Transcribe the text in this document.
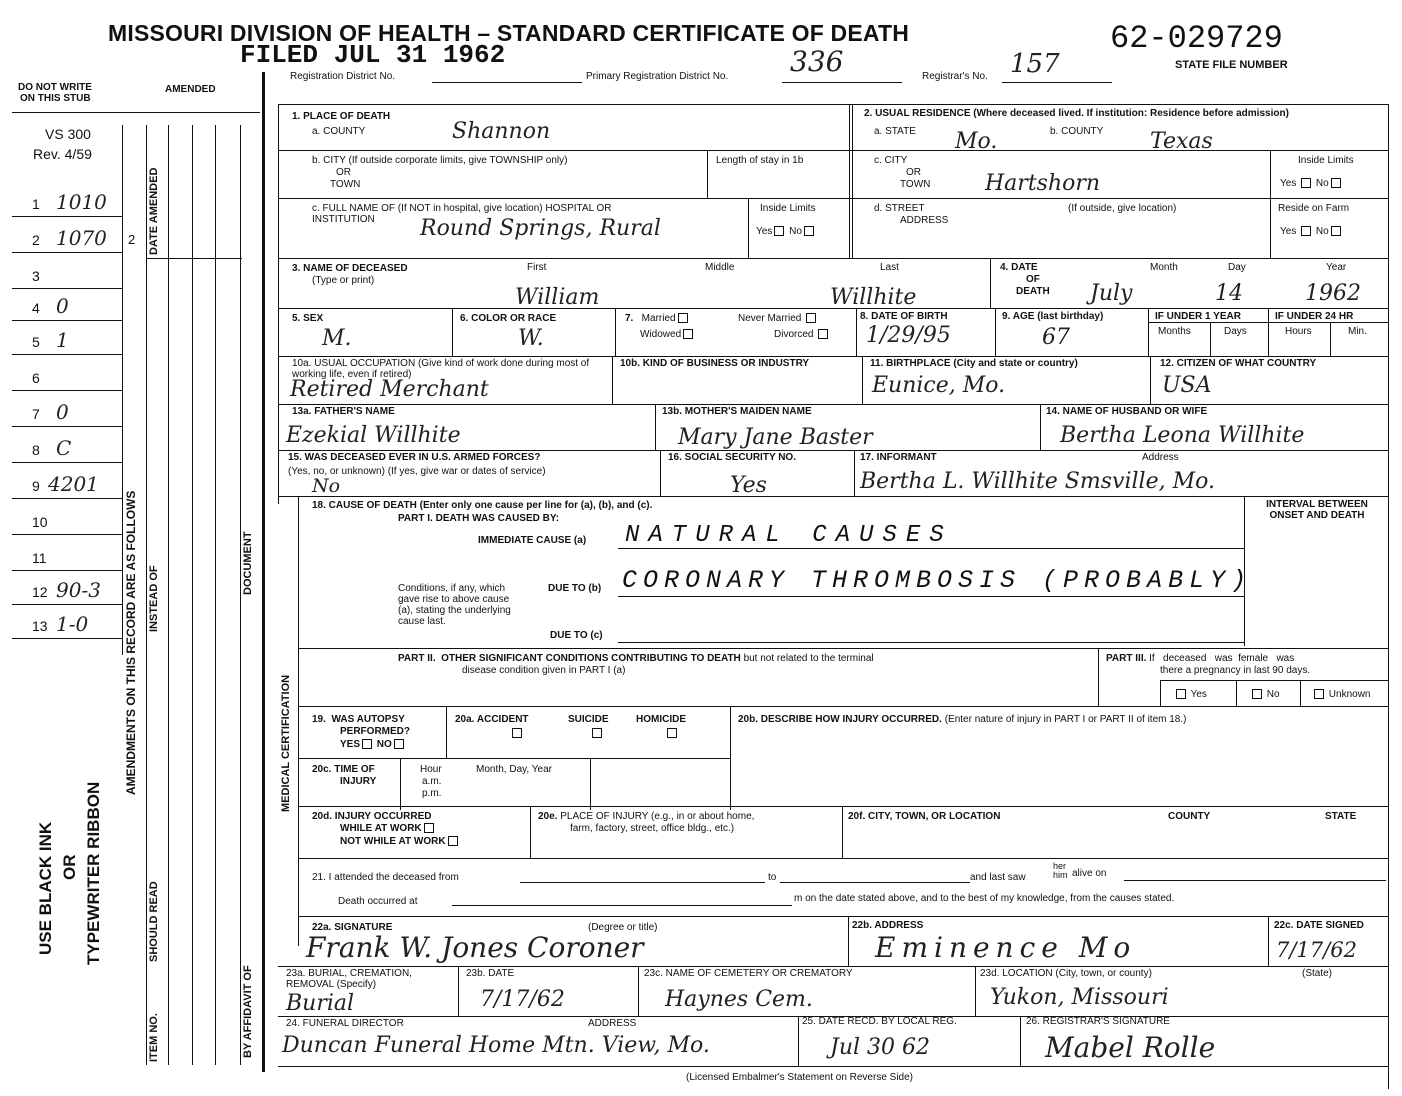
MISSOURI DIVISION OF HEALTH – STANDARD CERTIFICATE OF DEATH
FILED JUL 31 1962	62-029729
STATE FILE NUMBER
Registration District No.	Primary Registration District No. 336	Registrar's No. 157
DO NOT WRITE
ON THIS STUB
AMENDED
VS 300
Rev. 4/59
1 1010
2 1070 2
3
4 0
5 1
6
7 0
8 C
9 4201
10
11
12 90-3
13 1-0
DATE AMENDED
AMENDMENTS ON THIS RECORD ARE AS FOLLOWS INSTEAD OF
SHOULD READ
ITEM NO.
DOCUMENT
BY AFFIDAVIT OF
USE BLACK INK OR TYPEWRITER RIBBON
1. PLACE OF DEATH
a. COUNTY	Shannon
b. CITY (If outside corporate limits, give TOWNSHIP only)
OR
TOWN
Length of stay in 1b
c. FULL NAME OF (If NOT in hospital, give location) HOSPITAL OR INSTITUTION	Round Springs, Rural
Inside Limits
Yes No
2. USUAL RESIDENCE (Where deceased lived. If institution: Residence before admission)
a. STATE Mo.	b. COUNTY Texas
c. CITY
OR
TOWN Hartshorn
Inside Limits
Yes  No
d. STREET
ADDRESS
(If outside, give location)	Reside on Farm
Yes  No
3. NAME OF DECEASED
(Type or print)
First	Middle	Last
William	Willhite
4. DATE
OF
DEATH
Month	Day	Year
July	14	1962
5. SEX
M.
6. COLOR OR RACE
W.
7.   Married
Widowed
Never Married
Divorced
8. DATE OF BIRTH
1/29/95
9. AGE (last birthday)
67
IF UNDER 1 YEAR	IF UNDER 24 HR
Months	Days	Hours	Min.
10a. USUAL OCCUPATION (Give kind of work done during most of working life, even if retired)
Retired Merchant
10b. KIND OF BUSINESS OR INDUSTRY	11. BIRTHPLACE (City and state or country)
Eunice, Mo.
12. CITIZEN OF WHAT COUNTRY
USA
13a. FATHER'S NAME
Ezekial Willhite
13b. MOTHER'S MAIDEN NAME
Mary Jane Baster
14. NAME OF HUSBAND OR WIFE
Bertha Leona Willhite
15. WAS DECEASED EVER IN U.S. ARMED FORCES?
(Yes, no, or unknown) (If yes, give war or dates of service)
No
16. SOCIAL SECURITY NO.
Yes
17. INFORMANT	Address
Bertha L. Willhite Smsville, Mo.
MEDICAL CERTIFICATION
18. CAUSE OF DEATH (Enter only one cause per line for (a), (b), and (c).
PART I. DEATH WAS CAUSED BY:
INTERVAL BETWEEN ONSET AND DEATH
IMMEDIATE CAUSE (a) NATURAL CAUSES
Conditions, if any, which gave rise to above cause (a), stating the underlying cause last.
DUE TO (b) CORONARY THROMBOSIS (PROBABLY)
DUE TO (c)
PART II.  OTHER SIGNIFICANT CONDITIONS CONTRIBUTING TO DEATH but not related to the terminal
disease condition given in PART I (a)
PART III. If   deceased   was  female   was
there a pregnancy in last 90 days.
Yes	No	Unknown
19.  WAS AUTOPSY
PERFORMED?
YES NO
20a. ACCIDENT	SUICIDE	HOMICIDE	20b. DESCRIBE HOW INJURY OCCURRED. (Enter nature of injury in PART I or PART II of item 18.)
20c. TIME OF
INJURY
Hour
a.m.
p.m.
Month, Day, Year
20d. INJURY OCCURRED
WHILE AT WORK
NOT WHILE AT WORK
20e. PLACE OF INJURY (e.g., in or about home,
farm, factory, street, office bldg., etc.)
20f. CITY, TOWN, OR LOCATION	COUNTY	STATE
21. I attended the deceased from	to	and last saw
her
him alive on
Death occurred at	m on the date stated above, and to the best of my knowledge, from the causes stated.
22a. SIGNATURE	(Degree or title)
Frank W. Jones Coroner
22b. ADDRESS
Eminence Mo
22c. DATE SIGNED
7/17/62
23a. BURIAL, CREMATION, REMOVAL (Specify)
Burial
23b. DATE
7/17/62
23c. NAME OF CEMETERY OR CREMATORY
Haynes Cem.
23d. LOCATION (City, town, or county)	(State)
Yukon, Missouri
24. FUNERAL DIRECTOR	ADDRESS
Duncan Funeral Home Mtn. View, Mo.
25. DATE RECD. BY LOCAL REG.
Jul 30 62
26. REGISTRAR'S SIGNATURE
Mabel Rolle
(Licensed Embalmer's Statement on Reverse Side)
